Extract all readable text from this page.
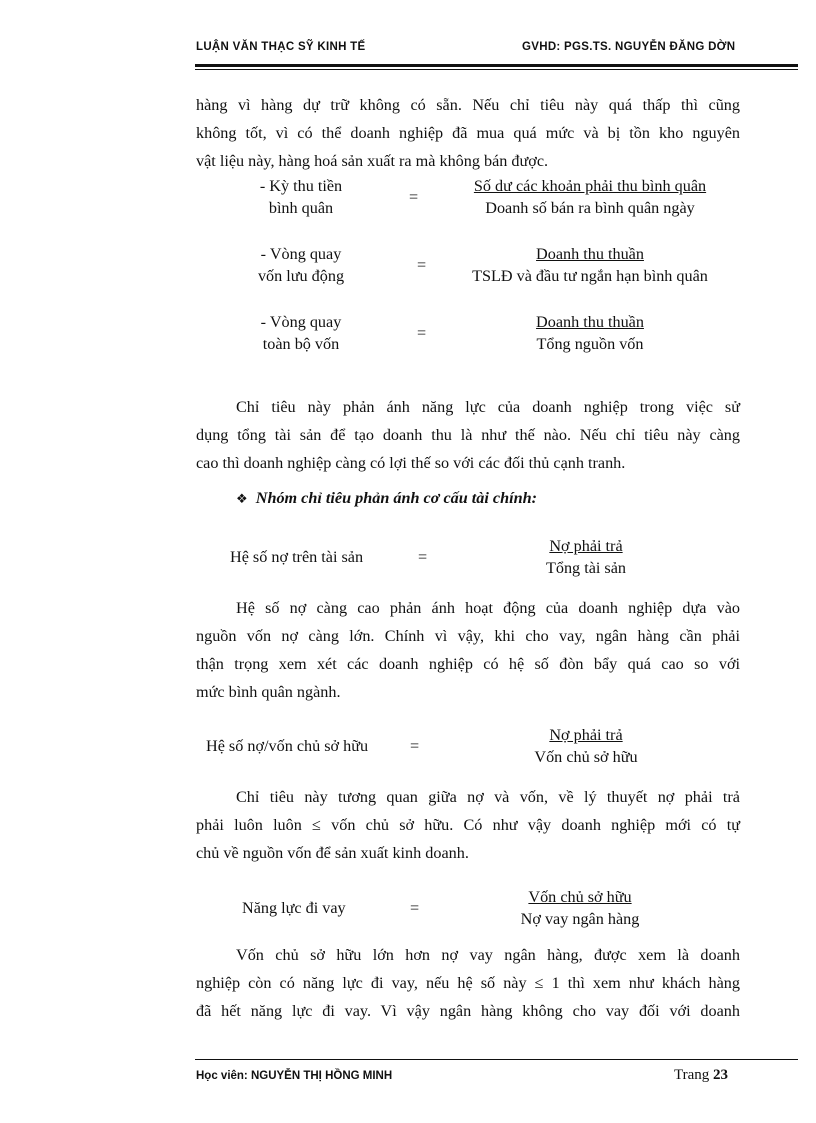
LUẬN VĂN THẠC SỸ KINH TẾ	GVHD: PGS.TS. NGUYỄN ĐĂNG DỜN
hàng vì hàng dự trữ không có sẵn. Nếu chỉ tiêu này quá thấp thì cũng
không tốt, vì có thể doanh nghiệp đã mua quá mức và bị tồn kho nguyên
vật liệu này, hàng hoá sản xuất ra mà không bán được.
- Kỳ thu tiền
bình quân
=
Số dư các khoản phải thu bình quân
Doanh số bán ra bình quân ngày
- Vòng quay
vốn lưu động
=
Doanh thu thuần
TSLĐ và đầu tư ngắn hạn bình quân
- Vòng quay
toàn bộ vốn
=
Doanh thu thuần
Tổng nguồn vốn
Chỉ tiêu này phản ánh năng lực của doanh nghiệp trong việc sử
dụng tổng tài sản để tạo doanh thu là như thế nào. Nếu chỉ tiêu này càng
cao thì doanh nghiệp càng có lợi thế so với các đối thủ cạnh tranh.
❖ Nhóm chỉ tiêu phản ánh cơ cấu tài chính:
Hệ số nợ trên tài sản	=
Nợ phải trả
Tổng tài sản
Hệ số nợ càng cao phản ánh hoạt động của doanh nghiệp dựa vào
nguồn vốn nợ càng lớn. Chính vì vậy, khi cho vay, ngân hàng cần phải
thận trọng xem xét các doanh nghiệp có hệ số đòn bẩy quá cao so với
mức bình quân ngành.
Hệ số nợ/vốn chủ sở hữu	=
Nợ phải trả
Vốn chủ sở hữu
Chỉ tiêu này tương quan giữa nợ và vốn, về lý thuyết nợ phải trả
phải luôn luôn ≤ vốn chủ sở hữu. Có như vậy doanh nghiệp mới có tự
chủ về nguồn vốn để sản xuất kinh doanh.
Năng lực đi vay	=
Vốn chủ sở hữu
Nợ vay ngân hàng
Vốn chủ sở hữu lớn hơn nợ vay ngân hàng, được xem là doanh
nghiệp còn có năng lực đi vay, nếu hệ số này ≤ 1 thì xem như khách hàng
đã hết năng lực đi vay. Vì vậy ngân hàng không cho vay đối với doanh
Học viên: NGUYỄN THỊ HỒNG MINH	Trang 23
